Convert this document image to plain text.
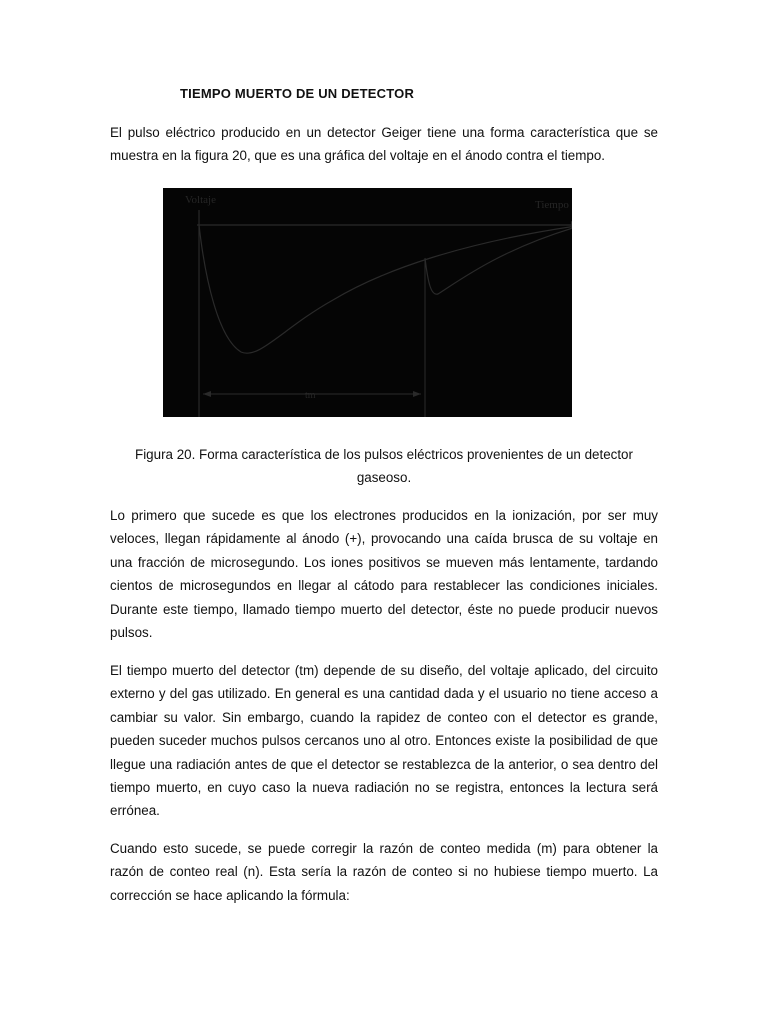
TIEMPO MUERTO DE UN DETECTOR

El pulso eléctrico producido en un detector Geiger tiene una forma característica que se muestra en la figura 20, que es una gráfica del voltaje en el ánodo contra el tiempo.

Voltaje	Tiempo
tm

Figura 20. Forma característica de los pulsos eléctricos provenientes de un detector gaseoso.

Lo primero que sucede es que los electrones producidos en la ionización, por ser muy veloces, llegan rápidamente al ánodo (+), provocando una caída brusca de su voltaje en una fracción de microsegundo. Los iones positivos se mueven más lentamente, tardando cientos de microsegundos en llegar al cátodo para restablecer las condiciones iniciales. Durante este tiempo, llamado tiempo muerto del detector, éste no puede producir nuevos pulsos.

El tiempo muerto del detector (tm) depende de su diseño, del voltaje aplicado, del circuito externo y del gas utilizado. En general es una cantidad dada y el usuario no tiene acceso a cambiar su valor. Sin embargo, cuando la rapidez de conteo con el detector es grande, pueden suceder muchos pulsos cercanos uno al otro. Entonces existe la posibilidad de que llegue una radiación antes de que el detector se restablezca de la anterior, o sea dentro del tiempo muerto, en cuyo caso la nueva radiación no se registra, entonces la lectura será errónea.

Cuando esto sucede, se puede corregir la razón de conteo medida (m) para obtener la razón de conteo real (n). Esta sería la razón de conteo si no hubiese tiempo muerto. La corrección se hace aplicando la fórmula:
